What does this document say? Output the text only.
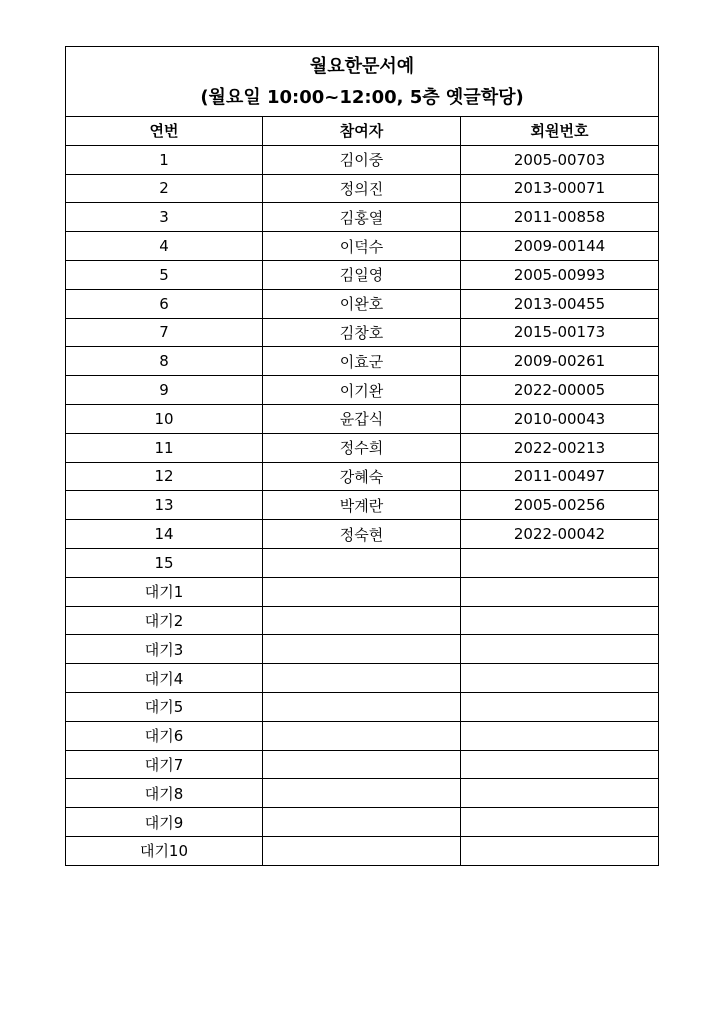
월요한문서예
(월요일 10:00~12:00, 5층 옛글학당)		

연번	참여자	회원번호
1	김이중	2005-00703
2	정의진	2013-00071
3	김홍열	2011-00858
4	이덕수	2009-00144
5	김일영	2005-00993
6	이완호	2013-00455
7	김창호	2015-00173
8	이효군	2009-00261
9	이기완	2022-00005
10	윤갑식	2010-00043
11	정수희	2022-00213
12	강혜숙	2011-00497
13	박계란	2005-00256
14	정숙현	2022-00042
15		
대기1		
대기2		
대기3		
대기4		
대기5		
대기6		
대기7		
대기8		
대기9		
대기10		
